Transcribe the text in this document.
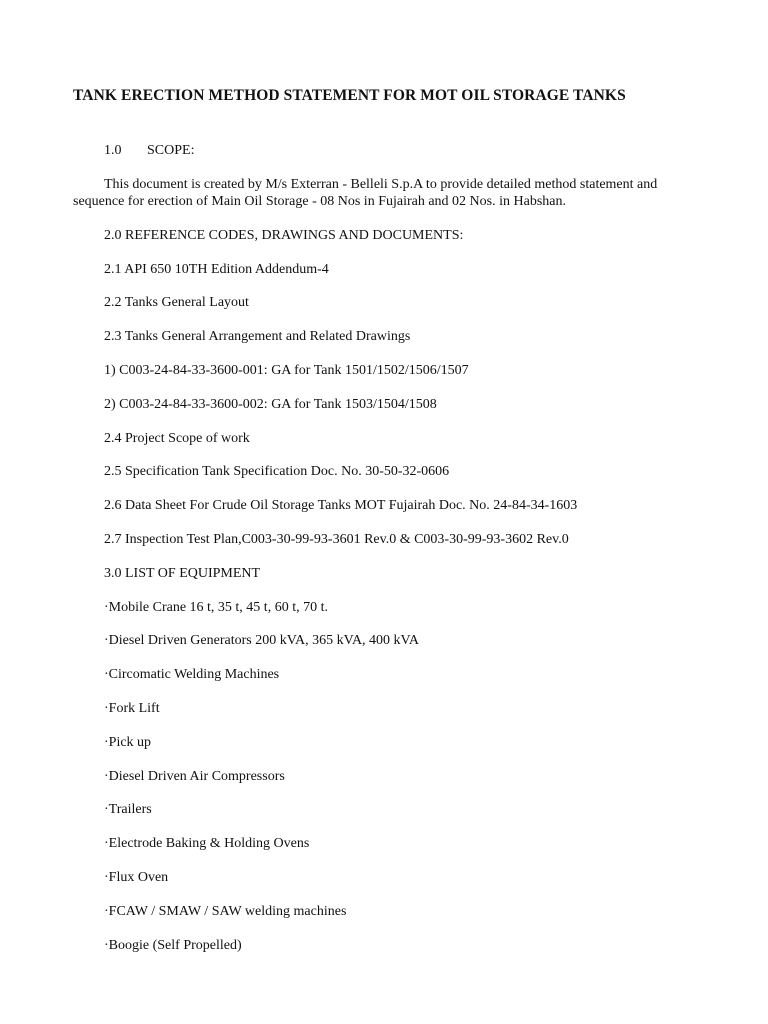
TANK ERECTION METHOD STATEMENT FOR MOT OIL STORAGE TANKS
1.0 SCOPE:
This document is created by M/s Exterran - Belleli S.p.A to provide detailed method statement and sequence for erection of Main Oil Storage - 08 Nos in Fujairah and 02 Nos. in Habshan.
2.0 REFERENCE CODES, DRAWINGS AND DOCUMENTS:
2.1 API 650 10TH Edition Addendum-4
2.2 Tanks General Layout
2.3 Tanks General Arrangement and Related Drawings
1) C003-24-84-33-3600-001: GA for Tank 1501/1502/1506/1507
2) C003-24-84-33-3600-002: GA for Tank 1503/1504/1508
2.4 Project Scope of work
2.5 Specification Tank Specification Doc. No. 30-50-32-0606
2.6 Data Sheet For Crude Oil Storage Tanks MOT Fujairah Doc. No. 24-84-34-1603
2.7 Inspection Test Plan,C003-30-99-93-3601 Rev.0 & C003-30-99-93-3602 Rev.0
3.0 LIST OF EQUIPMENT
·Mobile Crane 16 t, 35 t, 45 t, 60 t, 70 t.
·Diesel Driven Generators 200 kVA, 365 kVA, 400 kVA
·Circomatic Welding Machines
·Fork Lift
·Pick up
·Diesel Driven Air Compressors
·Trailers
·Electrode Baking & Holding Ovens
·Flux Oven
·FCAW / SMAW / SAW welding machines
·Boogie (Self Propelled)
